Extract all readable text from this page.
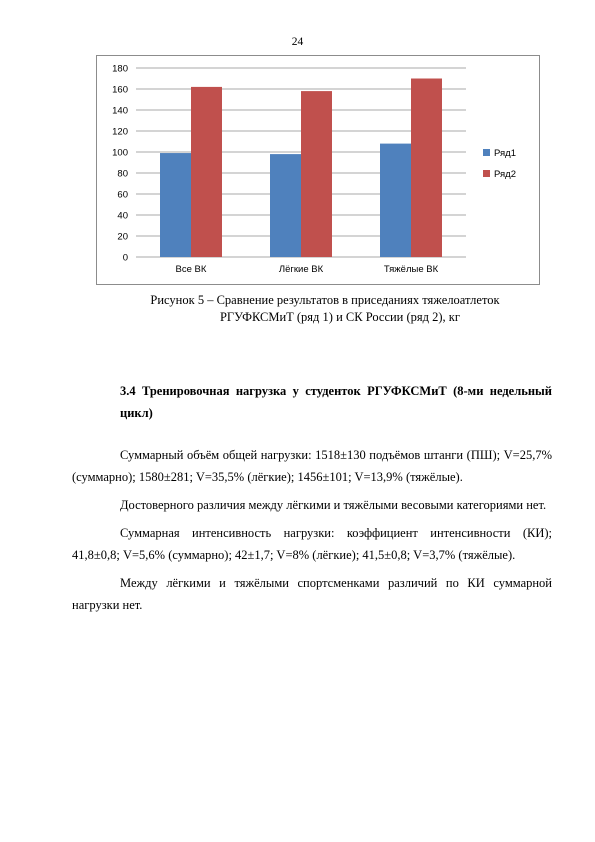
24
0
20
40
60
80
100
120
140
160
180
Все ВК	Лёгкие ВК	Тяжёлые ВК
Ряд1
Ряд2
Рисунок 5 – Сравнение результатов в приседаниях тяжелоатлеток
РГУФКСМиТ (ряд 1) и СК России (ряд 2), кг
3.4 Тренировочная нагрузка у студенток РГУФКСМиТ (8-ми недельный цикл)

Суммарный объём общей нагрузки: 1518±130 подъёмов штанги (ПШ); V=25,7% (суммарно); 1580±281; V=35,5% (лёгкие); 1456±101; V=13,9% (тяжёлые).

Достоверного различия между лёгкими и тяжёлыми весовыми категориями нет.

Суммарная интенсивность нагрузки: коэффициент интенсивности (КИ); 41,8±0,8; V=5,6% (суммарно); 42±1,7; V=8% (лёгкие); 41,5±0,8; V=3,7% (тяжёлые).

Между лёгкими и тяжёлыми спортсменками различий по КИ суммарной нагрузки нет.
